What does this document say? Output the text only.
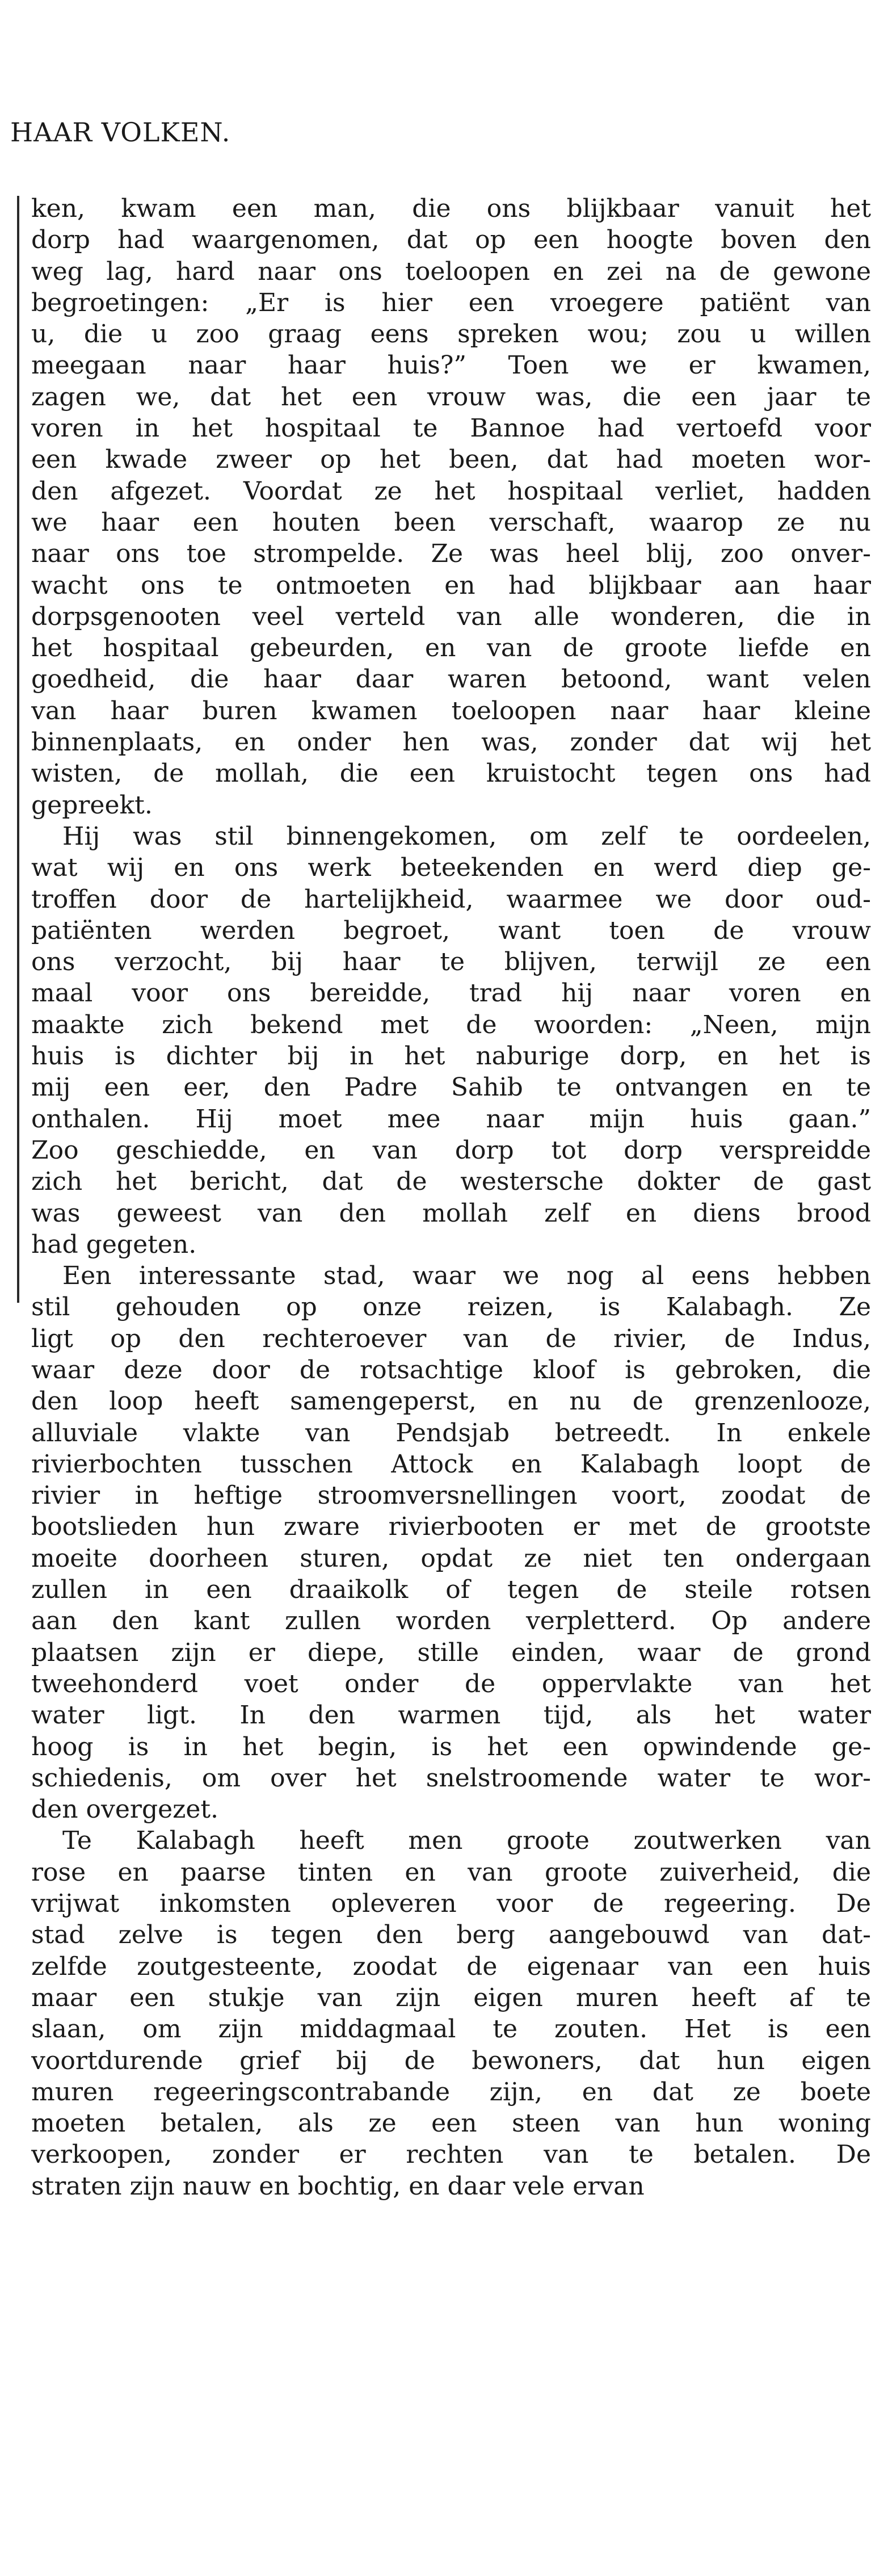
HAAR VOLKEN.
ken, kwam een man, die ons blijkbaar vanuit het
dorp had waargenomen, dat op een hoogte boven den
weg lag, hard naar ons toeloopen en zei na de gewone
begroetingen: „Er is hier een vroegere patiënt van
u, die u zoo graag eens spreken wou; zou u willen
meegaan naar haar huis?” Toen we er kwamen,
zagen we, dat het een vrouw was, die een jaar te
voren in het hospitaal te Bannoe had vertoefd voor
een kwade zweer op het been, dat had moeten wor-
den afgezet. Voordat ze het hospitaal verliet, hadden
we haar een houten been verschaft, waarop ze nu
naar ons toe strompelde. Ze was heel blij, zoo onver-
wacht ons te ontmoeten en had blijkbaar aan haar
dorpsgenooten veel verteld van alle wonderen, die in
het hospitaal gebeurden, en van de groote liefde en
goedheid, die haar daar waren betoond, want velen
van haar buren kwamen toeloopen naar haar kleine
binnenplaats, en onder hen was, zonder dat wij het
wisten, de mollah, die een kruistocht tegen ons had
gepreekt.
Hij was stil binnengekomen, om zelf te oordeelen,
wat wij en ons werk beteekenden en werd diep ge-
troffen door de hartelijkheid, waarmee we door oud-
patiënten werden begroet, want toen de vrouw
ons verzocht, bij haar te blijven, terwijl ze een
maal voor ons bereidde, trad hij naar voren en
maakte zich bekend met de woorden: „Neen, mijn
huis is dichter bij in het naburige dorp, en het is
mij een eer, den Padre Sahib te ontvangen en te
onthalen. Hij moet mee naar mijn huis gaan.”
Zoo geschiedde, en van dorp tot dorp verspreidde
zich het bericht, dat de westersche dokter de gast
was geweest van den mollah zelf en diens brood
had gegeten.
Een interessante stad, waar we nog al eens hebben
stil gehouden op onze reizen, is Kalabagh. Ze
ligt op den rechteroever van de rivier, de Indus,
waar deze door de rotsachtige kloof is gebroken, die
den loop heeft samengeperst, en nu de grenzenlooze,
alluviale vlakte van Pendsjab betreedt. In enkele
rivierbochten tusschen Attock en Kalabagh loopt de
rivier in heftige stroomversnellingen voort, zoodat de
bootslieden hun zware rivierbooten er met de grootste
moeite doorheen sturen, opdat ze niet ten ondergaan
zullen in een draaikolk of tegen de steile rotsen
aan den kant zullen worden verpletterd. Op andere
plaatsen zijn er diepe, stille einden, waar de grond
tweehonderd voet onder de oppervlakte van het
water ligt. In den warmen tijd, als het water
hoog is in het begin, is het een opwindende ge-
schiedenis, om over het snelstroomende water te wor-
den overgezet.
Te Kalabagh heeft men groote zoutwerken van
rose en paarse tinten en van groote zuiverheid, die
vrijwat inkomsten opleveren voor de regeering. De
stad zelve is tegen den berg aangebouwd van dat-
zelfde zoutgesteente, zoodat de eigenaar van een huis
maar een stukje van zijn eigen muren heeft af te
slaan, om zijn middagmaal te zouten. Het is een
voortdurende grief bij de bewoners, dat hun eigen
muren regeeringscontrabande zijn, en dat ze boete
moeten betalen, als ze een steen van hun woning
verkoopen, zonder er rechten van te betalen. De
straten zijn nauw en bochtig, en daar vele ervan
